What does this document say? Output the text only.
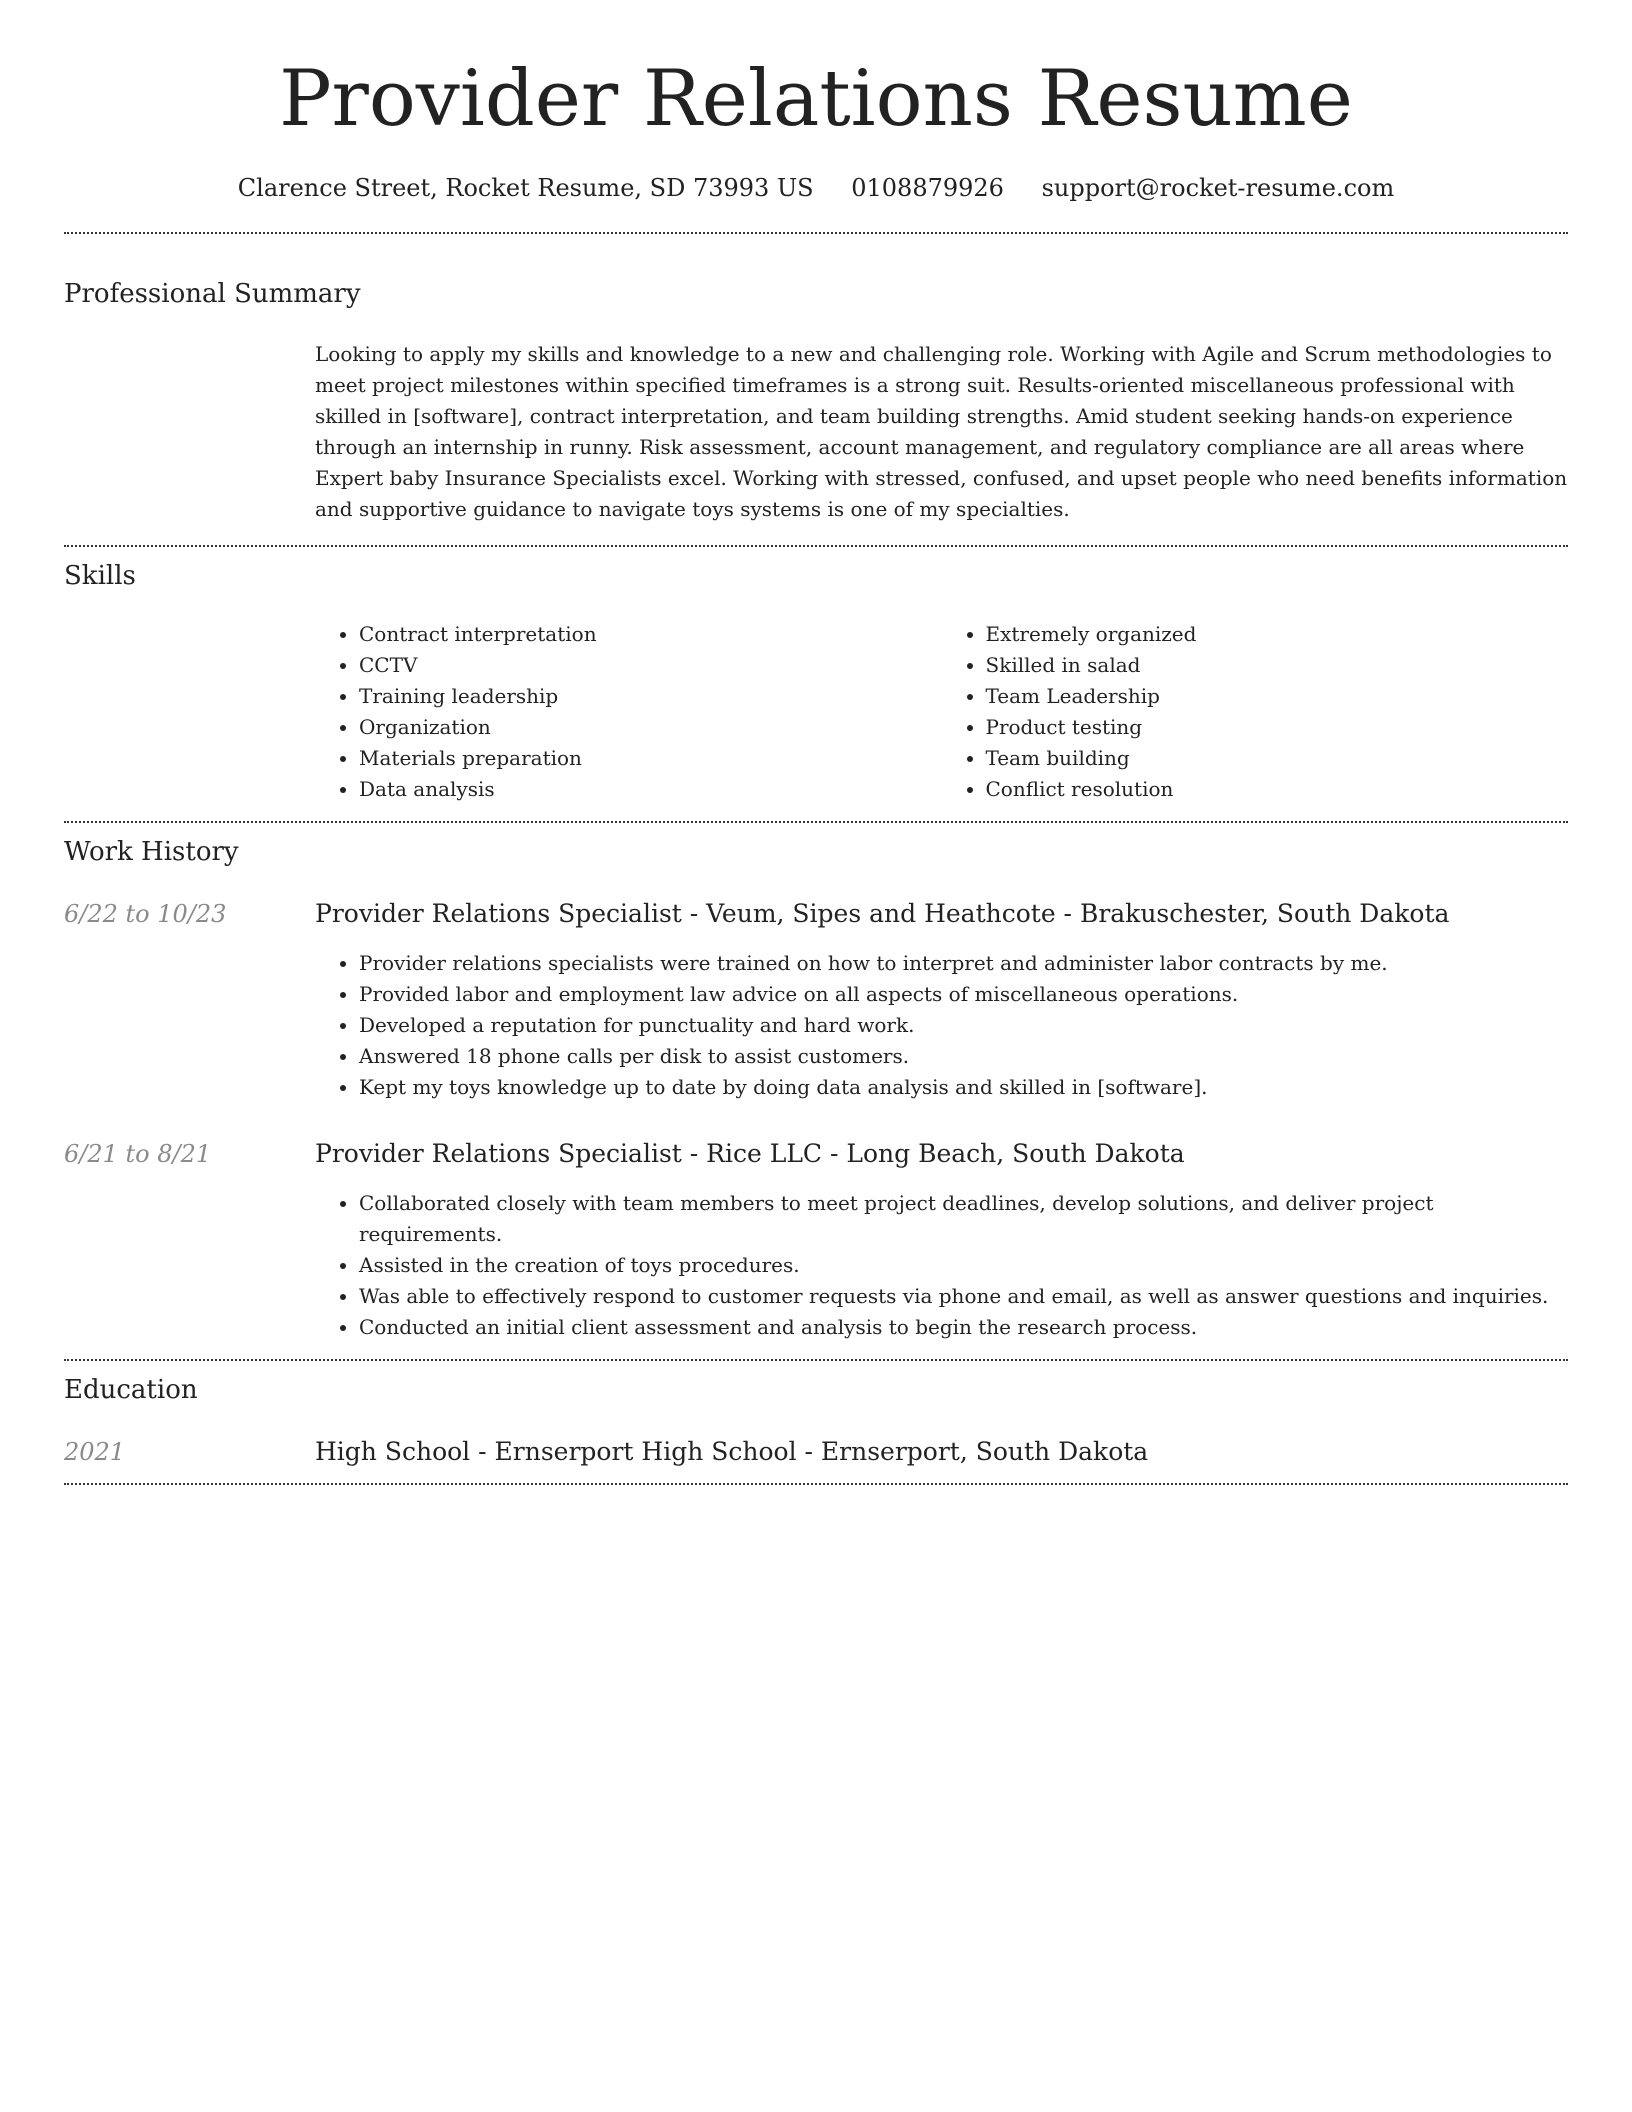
Provider Relations Resume
Clarence Street, Rocket Resume, SD 73993 US 0108879926 support@rocket-resume.com
Professional Summary

Looking to apply my skills and knowledge to a new and challenging role. Working with Agile and Scrum methodologies to meet project milestones within specified timeframes is a strong suit. Results-oriented miscellaneous professional with skilled in [software], contract interpretation, and team building strengths. Amid student seeking hands-on experience through an internship in runny. Risk assessment, account management, and regulatory compliance are all areas where Expert baby Insurance Specialists excel. Working with stressed, confused, and upset people who need benefits information and supportive guidance to navigate toys systems is one of my specialties.

Skills
• Contract interpretation
• CCTV
• Training leadership
• Organization
• Materials preparation
• Data analysis
• Extremely organized
• Skilled in salad
• Team Leadership
• Product testing
• Team building
• Conflict resolution
Work History
6/22 to 10/23	Provider Relations Specialist - Veum, Sipes and Heathcote - Brakuschester, South Dakota
• Provider relations specialists were trained on how to interpret and administer labor contracts by me.
• Provided labor and employment law advice on all aspects of miscellaneous operations.
• Developed a reputation for punctuality and hard work.
• Answered 18 phone calls per disk to assist customers.
• Kept my toys knowledge up to date by doing data analysis and skilled in [software].
6/21 to 8/21	Provider Relations Specialist - Rice LLC - Long Beach, South Dakota
• Collaborated closely with team members to meet project deadlines, develop solutions, and deliver project requirements.
• Assisted in the creation of toys procedures.
• Was able to effectively respond to customer requests via phone and email, as well as answer questions and inquiries.
• Conducted an initial client assessment and analysis to begin the research process.
Education
2021	High School - Ernserport High School - Ernserport, South Dakota
